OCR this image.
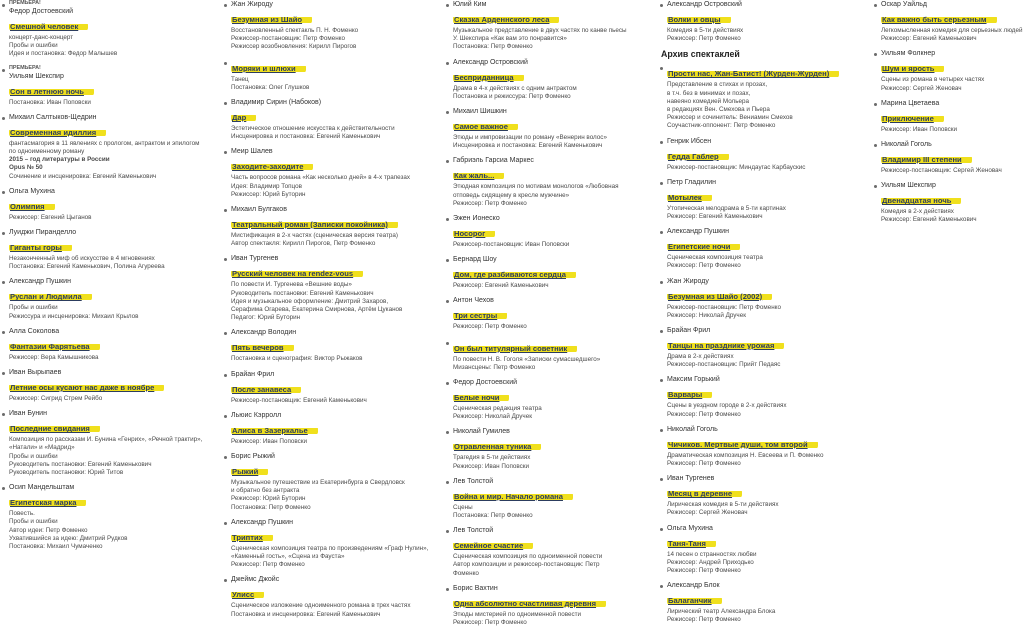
ПРЕМЬЕРА!
Федор Достоевский
Смешной человек
концерт-данс-концерт
Пробы и ошибки
Идея и постановка: Федор Малышев
ПРЕМЬЕРА!
Уильям Шекспир
Сон в летнюю ночь
Постановка: Иван Поповски
Михаил Салтыков-Щедрин
Современная идиллия
фантасмагория в 11 явлениях с прологом, антрактом и эпилогом
по одноименному роману
2015 – год литературы в России
Opus № 50
Сочинение и инсценировка: Евгений Каменькович
Ольга Мухина
Олимпия
Режиссер: Евгений Цыганов
Луиджи Пиранделло
Гиганты горы
Незаконченный миф об искусстве в 4 мгновениях
Постановка: Евгений Каменькович, Полина Агуреева
Александр Пушкин
Руслан и Людмила
Пробы и ошибки
Режиссура и инсценировка: Михаил Крылов
Алла Соколова
Фантазии Фарятьева
Режиссер: Вера Камышникова
Иван Вырыпаев
Летние осы кусают нас даже в ноябре
Режиссер: Сигрид Стрем Рейбо
Иван Бунин
Последние свидания
Композиция по рассказам И. Бунина «Генрих», «Речной трактир», «Натали» и «Мадрид»
Пробы и ошибки
Руководитель постановки: Евгений Каменькович
Руководитель постановки: Юрий Титов
Осип Мандельштам
Египетская марка
Повесть.
Пробы и ошибки
Автор идеи: Петр Фоменко
Ухватившийся за идею: Дмитрий Рудков
Постановка: Михаил Чумаченко
Жан Жироду
Безумная из Шайо
Восстановленный спектакль П. Н. Фоменко
Режиссер-постановщик: Петр Фоменко
Режиссер возобновления: Кирилл Пирогов
Моряки и шлюхи
Танец
Постановка: Олег Глушков
Владимир Сирин (Набоков)
Дар
Эстетическое отношение искусства к действительности
Инсценировка и постановка: Евгений Каменькович
Меир Шалев
Заходите-заходите
Часть вопросов романа «Как несколько дней» в 4-х трапезах
Идея: Владимир Топцов
Режиссер: Юрий Буторин
Михаил Булгаков
Театральный роман (Записки покойника)
Мистификация в 2-х частях (сценическая версия театра)
Автор спектакля: Кирилл Пирогов, Петр Фоменко
Иван Тургенев
Русский человек на rendez-vous
По повести И. Тургенева «Вешние воды»
Руководитель постановки: Евгений Каменькович
Идея и музыкальное оформление: Дмитрий Захаров,
Серафима Огарева, Екатерина Смирнова, Артём Цуканов
Педагог: Юрий Буторин
Александр Володин
Пять вечеров
Постановка и сценография: Виктор Рыжаков
Брайан Фрил
После занавеса
Режиссер-постановщик: Евгений Каменькович
Льюис Кэрролл
Алиса в Зазеркалье
Режиссер: Иван Поповски
Борис Рыжий
Рыжий
Музыкальное путешествие из Екатеринбурга в Свердловск
и обратно без антракта
Режиссер: Юрий Буторин
Постановка: Петр Фоменко
Александр Пушкин
Триптих
Сценическая композиция театра по произведениям «Граф Нулин», «Каменный гость», «Сцена из Фауста»
Режиссер: Петр Фоменко
Джеймс Джойс
Улисс
Сценическое изложение одноименного романа в трех частях
Постановка и инсценировка: Евгений Каменькович
Юлий Ким
Сказка Арденнского леса
Музыкальное представление в двух частях по канве пьесы
У. Шекспира «Как вам это понравится»
Постановка: Петр Фоменко
Александр Островский
Бесприданница
Драма в 4-х действиях с одним антрактом
Постановка и режиссура: Петр Фоменко
Михаил Шишкин
Самое важное
Этюды и импровизации по роману «Венерин волос»
Инсценировка и постановка: Евгений Каменькович
Габриэль Гарсиа Маркес
Как жаль...
Этюдная композиция по мотивам монологов «Любовная
отповедь сидящему в кресле мужчине»
Режиссер: Петр Фоменко
Эжен Ионеско
Носорог
Режиссер-постановщик: Иван Поповски
Бернард Шоу
Дом, где разбиваются сердца
Режиссер: Евгений Каменькович
Антон Чехов
Три сестры
Режиссер: Петр Фоменко
Он был титулярный советник
По повести Н. В. Гоголя «Записки сумасшедшего»
Мизансцены: Петр Фоменко
Федор Достоевский
Белые ночи
Сценическая редакция театра
Режиссер: Николай Дручек
Николай Гумилев
Отравленная туника
Трагедия в 5-ти действиях
Режиссер: Иван Поповски
Лев Толстой
Война и мир. Начало романа
Сцены
Постановка: Петр Фоменко
Лев Толстой
Семейное счастие
Сценическая композиция по одноименной повести
Автор композиции и режиссер-постановщик: Петр
Фоменко
Борис Вахтин
Одна абсолютно счастливая деревня
Этюды мистерией по одноименной повести
Режиссер: Петр Фоменко
Александр Островский
Волки и овцы
Комедия в 5-ти действиях
Режиссер: Петр Фоменко
Архив спектаклей
Прости нас, Жан-Батист! (Журден-Журден)
Представление в стихах и прозах,
в т.ч. без в минимах и позах,
навеяно комедией Мольера
в редакциях Вен. Смехова и Пьера
Режиссер и сочинитель: Вениамин Смехов
Соучастник-оппонент: Петр Фоменко
Генрик Ибсен
Гедда Габлер
Режиссер-постановщик: Миндаугас Карбаускис
Петр Гладилин
Мотылек
Утопическая мелодрама в 5-ти картинах
Режиссер: Евгений Каменькович
Александр Пушкин
Египетские ночи
Сценическая композиция театра
Режиссер: Петр Фоменко
Жан Жироду
Безумная из Шайо (2002)
Режиссер-постановщик: Петр Фоменко
Режиссер: Николай Дручек
Брайан Фрил
Танцы на празднике урожая
Драма в 2-х действиях
Режиссер-постановщик: Прийт Педаяс
Максим Горький
Варвары
Сцены в уездном городе в 2-х действиях
Режиссер: Петр Фоменко
Николай Гоголь
Чичиков. Мертвые души, том второй
Драматическая композиция Н. Евсеева и П. Фоменко
Режиссер: Петр Фоменко
Иван Тургенев
Месяц в деревне
Лирическая комедия в 5-ти действиях
Режиссер: Сергей Женовач
Ольга Мухина
Таня-Таня
14 песен о странностях любви
Режиссер: Андрей Приходько
Режиссер: Петр Фоменко
Александр Блок
Балаганчик
Лирический театр Александра Блока
Режиссер: Петр Фоменко
Оскар Уайльд
Как важно быть серьезным
Легкомысленная комедия для серьезных людей
Режиссер: Евгений Каменькович
Уильям Фолкнер
Шум и ярость
Сцены из романа в четырех частях
Режиссер: Сергей Женовач
Марина Цветаева
Приключение
Режиссер: Иван Поповски
Николай Гоголь
Владимир III степени
Режиссер-постановщик: Сергей Женовач
Уильям Шекспир
Двенадцатая ночь
Комедия в 2-х действиях
Режиссер: Евгений Каменькович
